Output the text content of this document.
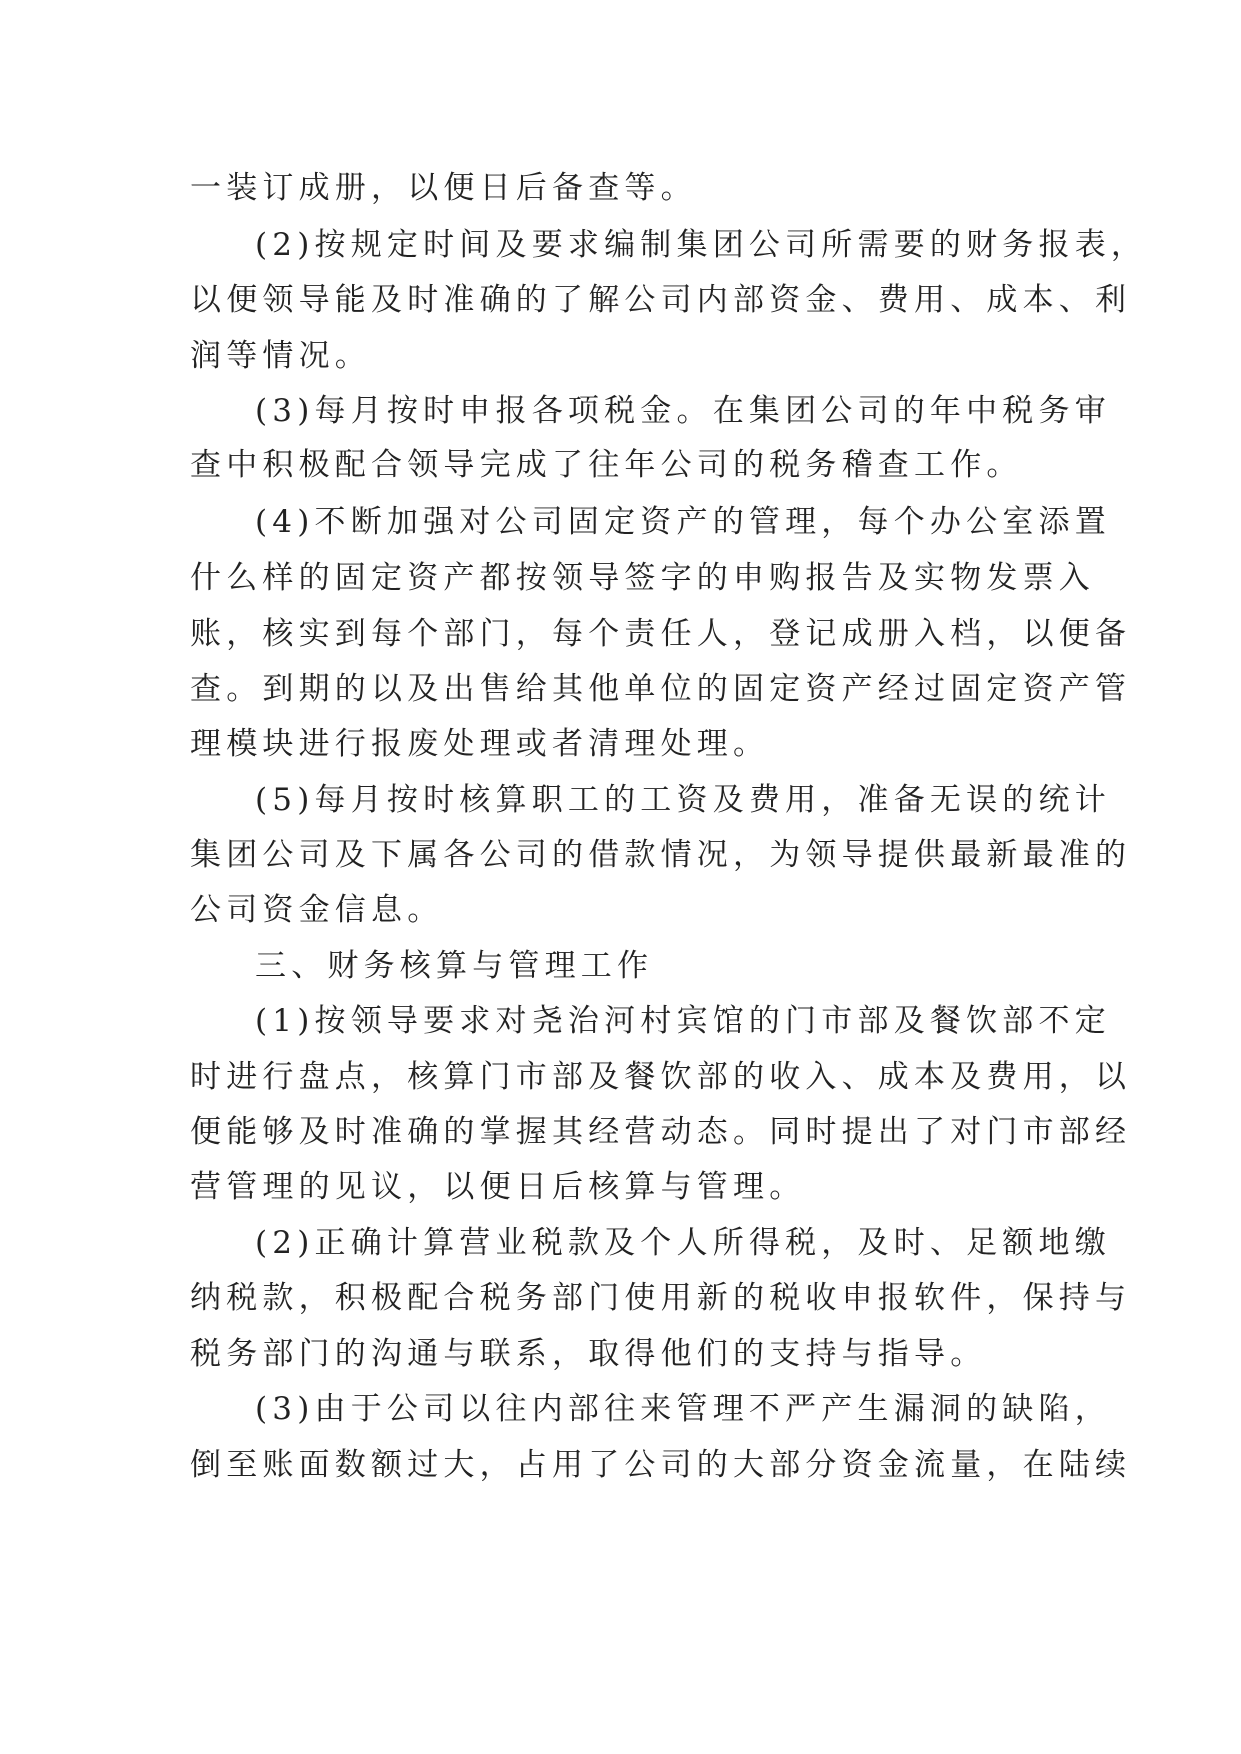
一装订成册，以便日后备查等。
(2)按规定时间及要求编制集团公司所需要的财务报表，
以便领导能及时准确的了解公司内部资金、费用、成本、利
润等情况。
(3)每月按时申报各项税金。在集团公司的年中税务审
查中积极配合领导完成了往年公司的税务稽查工作。
(4)不断加强对公司固定资产的管理，每个办公室添置
什么样的固定资产都按领导签字的申购报告及实物发票入
账，核实到每个部门，每个责任人，登记成册入档，以便备
查。到期的以及出售给其他单位的固定资产经过固定资产管
理模块进行报废处理或者清理处理。
(5)每月按时核算职工的工资及费用，准备无误的统计
集团公司及下属各公司的借款情况，为领导提供最新最准的
公司资金信息。
三、财务核算与管理工作
(1)按领导要求对尧治河村宾馆的门市部及餐饮部不定
时进行盘点，核算门市部及餐饮部的收入、成本及费用，以
便能够及时准确的掌握其经营动态。同时提出了对门市部经
营管理的见议，以便日后核算与管理。
(2)正确计算营业税款及个人所得税，及时、足额地缴
纳税款，积极配合税务部门使用新的税收申报软件，保持与
税务部门的沟通与联系，取得他们的支持与指导。
(3)由于公司以往内部往来管理不严产生漏洞的缺陷，
倒至账面数额过大，占用了公司的大部分资金流量，在陆续
